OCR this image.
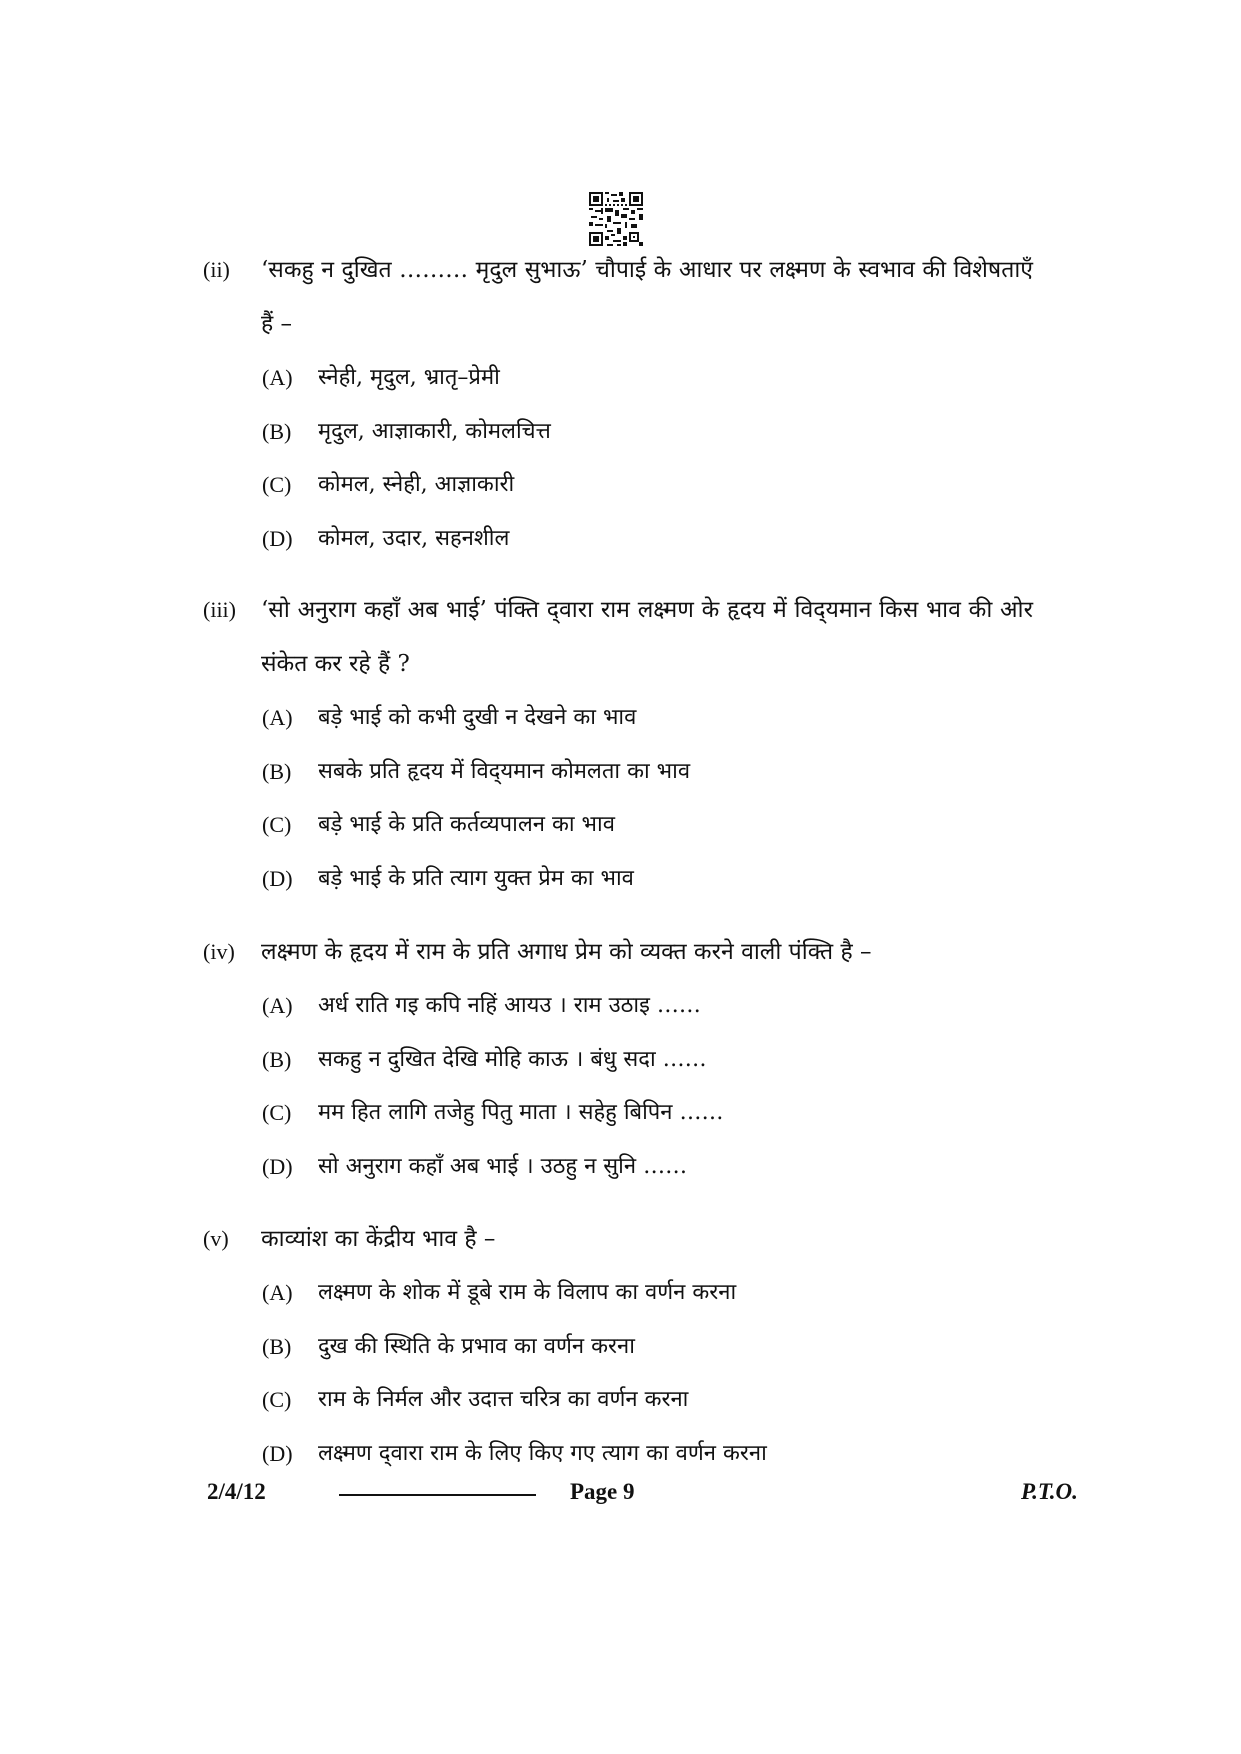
(ii) ‘सकहु न दुखित ……… मृदुल सुभाऊ’ चौपाई के आधार पर लक्ष्मण के स्वभाव की विशेषताएँ हैं –
(A) स्नेही, मृदुल, भ्रातृ–प्रेमी
(B) मृदुल, आज्ञाकारी, कोमलचित्त
(C) कोमल, स्नेही, आज्ञाकारी
(D) कोमल, उदार, सहनशील
(iii) ‘सो अनुराग कहाँ अब भाई’ पंक्ति द्‌वारा राम लक्ष्मण के हृदय में विद्‌यमान किस भाव की ओर संकेत कर रहे हैं ?
(A) बड़े भाई को कभी दुखी न देखने का भाव
(B) सबके प्रति हृदय में विद्‌यमान कोमलता का भाव
(C) बड़े भाई के प्रति कर्तव्यपालन का भाव
(D) बड़े भाई के प्रति त्याग युक्त प्रेम का भाव
(iv) लक्ष्मण के हृदय में राम के प्रति अगाध प्रेम को व्यक्त करने वाली पंक्ति है –
(A) अर्ध राति गइ कपि नहिं आयउ । राम उठाइ ……
(B) सकहु न दुखित देखि मोहि काऊ । बंधु सदा ……
(C) मम हित लागि तजेहु पितु माता । सहेहु बिपिन ……
(D) सो अनुराग कहाँ अब भाई । उठहु न सुनि ……
(v) काव्यांश का केंद्रीय भाव है –
(A) लक्ष्मण के शोक में डूबे राम के विलाप का वर्णन करना
(B) दुख की स्थिति के प्रभाव का वर्णन करना
(C) राम के निर्मल और उदात्त चरित्र का वर्णन करना
(D) लक्ष्मण द्‌वारा राम के लिए किए गए त्याग का वर्णन करना
2/4/12	Page 9	P.T.O.
